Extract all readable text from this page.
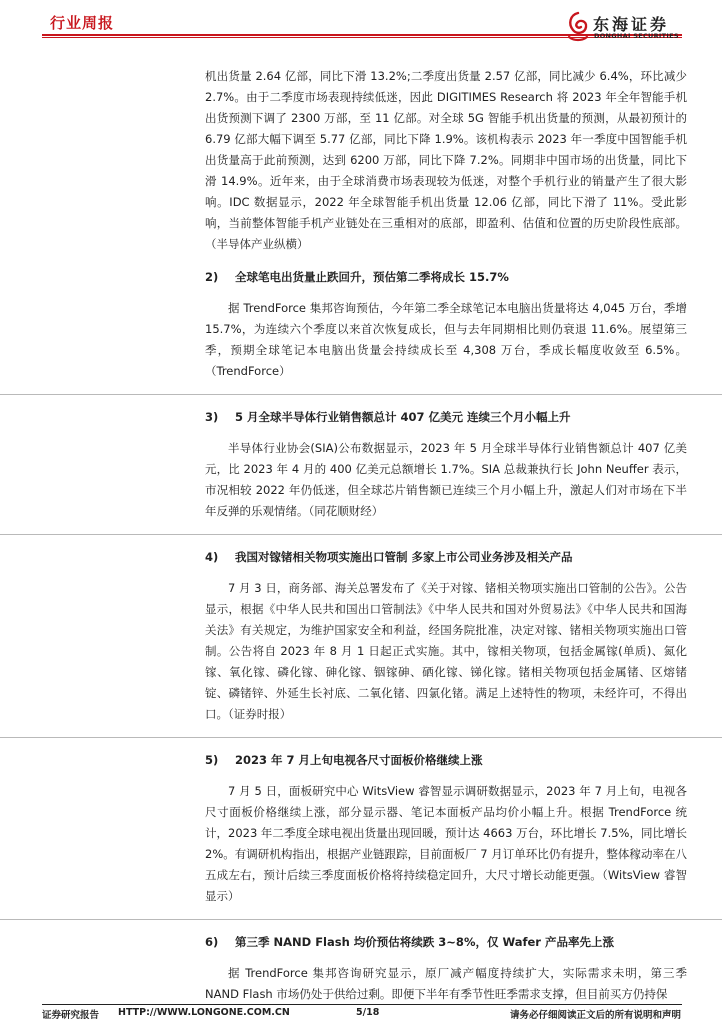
行业周报	东海证券
DONGHAI SECURITIES

机出货量 2.64 亿部，同比下滑 13.2%;二季度出货量 2.57 亿部，同比减少 6.4%，环比减少 2.7%。由于二季度市场表现持续低迷，因此 DIGITIMES Research 将 2023 年全年智能手机出货预测下调了 2300 万部，至 11 亿部。对全球 5G 智能手机出货量的预测，从最初预计的 6.79 亿部大幅下调至 5.77 亿部，同比下降 1.9%。该机构表示 2023 年一季度中国智能手机出货量高于此前预测，达到 6200 万部，同比下降 7.2%。同期非中国市场的出货量，同比下滑 14.9%。近年来，由于全球消费市场表现较为低迷，对整个手机行业的销量产生了很大影响。IDC 数据显示，2022 年全球智能手机出货量 12.06 亿部，同比下滑了 11%。受此影响，当前整体智能手机产业链处在三重相对的底部，即盈利、估值和位置的历史阶段性底部。（半导体产业纵横）

2)	全球笔电出货量止跌回升，预估第二季将成长 15.7%

据 TrendForce 集邦咨询预估，今年第二季全球笔记本电脑出货量将达 4,045 万台，季增 15.7%，为连续六个季度以来首次恢复成长，但与去年同期相比则仍衰退 11.6%。展望第三季，预期全球笔记本电脑出货量会持续成长至 4,308 万台，季成长幅度收敛至 6.5%。（TrendForce）

3)	5 月全球半导体行业销售额总计 407 亿美元 连续三个月小幅上升

半导体行业协会(SIA)公布数据显示，2023 年 5 月全球半导体行业销售额总计 407 亿美元，比 2023 年 4 月的 400 亿美元总额增长 1.7%。SIA 总裁兼执行长 John Neuffer 表示，市况相较 2022 年仍低迷，但全球芯片销售额已连续三个月小幅上升，激起人们对市场在下半年反弹的乐观情绪。（同花顺财经）

4)	我国对镓锗相关物项实施出口管制 多家上市公司业务涉及相关产品

7 月 3 日，商务部、海关总署发布了《关于对镓、锗相关物项实施出口管制的公告》。公告显示，根据《中华人民共和国出口管制法》《中华人民共和国对外贸易法》《中华人民共和国海关法》有关规定，为维护国家安全和利益，经国务院批准，决定对镓、锗相关物项实施出口管制。公告将自 2023 年 8 月 1 日起正式实施。其中，镓相关物项，包括金属镓(单质)、氮化镓、氧化镓、磷化镓、砷化镓、铟镓砷、硒化镓、锑化镓。锗相关物项包括金属锗、区熔锗锭、磷锗锌、外延生长衬底、二氧化锗、四氯化锗。满足上述特性的物项，未经许可，不得出口。（证券时报）

5)	2023 年 7 月上旬电视各尺寸面板价格继续上涨

7 月 5 日，面板研究中心 WitsView 睿智显示调研数据显示，2023 年 7 月上旬，电视各尺寸面板价格继续上涨，部分显示器、笔记本面板产品均价小幅上升。根据 TrendForce 统计，2023 年二季度全球电视出货量出现回暖，预计达 4663 万台，环比增长 7.5%，同比增长 2%。有调研机构指出，根据产业链跟踪，目前面板厂 7 月订单环比仍有提升，整体稼动率在八五成左右，预计后续三季度面板价格将持续稳定回升，大尺寸增长动能更强。（WitsView 睿智显示）

6)	第三季 NAND Flash 均价预估将续跌 3~8%，仅 Wafer 产品率先上涨

据 TrendForce 集邦咨询研究显示，原厂减产幅度持续扩大，实际需求未明，第三季 NAND Flash 市场仍处于供给过剩。即便下半年有季节性旺季需求支撑，但目前买方仍持保

证券研究报告 HTTP://WWW.LONGONE.COM.CN	5/18	请务必仔细阅读正文后的所有说明和声明
